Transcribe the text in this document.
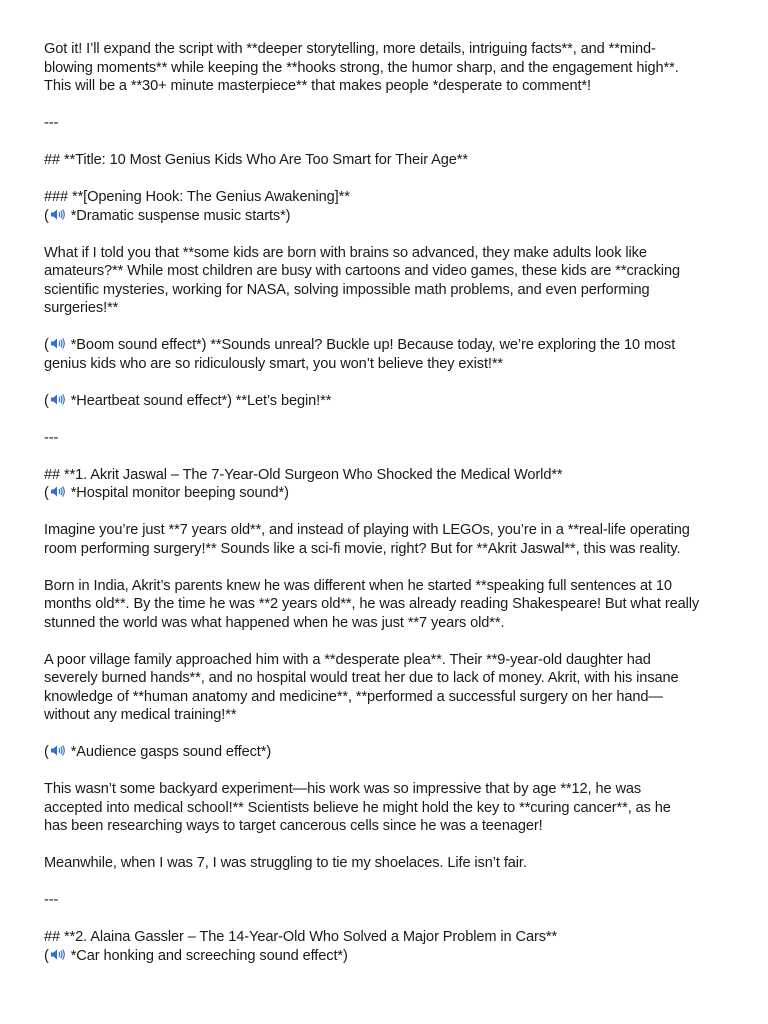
Got it! I’ll expand the script with **deeper storytelling, more details, intriguing facts**, and **mind-
blowing moments** while keeping the **hooks strong, the humor sharp, and the engagement high**.
This will be a **30+ minute masterpiece** that makes people *desperate to comment*!
---
## **Title: 10 Most Genius Kids Who Are Too Smart for Their Age**
### **[Opening Hook: The Genius Awakening]**
(
*Dramatic suspense music starts*)
What if I told you that **some kids are born with brains so advanced, they make adults look like
amateurs?** While most children are busy with cartoons and video games, these kids are **cracking
scientific mysteries, working for NASA, solving impossible math problems, and even performing
surgeries!**
(
*Boom sound effect*) **Sounds unreal? Buckle up! Because today, we’re exploring the 10 most
genius kids who are so ridiculously smart, you won’t believe they exist!**
(
*Heartbeat sound effect*) **Let’s begin!**
---
## **1. Akrit Jaswal – The 7-Year-Old Surgeon Who Shocked the Medical World**
(
*Hospital monitor beeping sound*)
Imagine you’re just **7 years old**, and instead of playing with LEGOs, you’re in a **real-life operating
room performing surgery!** Sounds like a sci-fi movie, right? But for **Akrit Jaswal**, this was reality.
Born in India, Akrit’s parents knew he was different when he started **speaking full sentences at 10
months old**. By the time he was **2 years old**, he was already reading Shakespeare! But what really
stunned the world was what happened when he was just **7 years old**.
A poor village family approached him with a **desperate plea**. Their **9-year-old daughter had
severely burned hands**, and no hospital would treat her due to lack of money. Akrit, with his insane
knowledge of **human anatomy and medicine**, **performed a successful surgery on her hand—
without any medical training!**
(
*Audience gasps sound effect*)
This wasn’t some backyard experiment—his work was so impressive that by age **12, he was
accepted into medical school!** Scientists believe he might hold the key to **curing cancer**, as he
has been researching ways to target cancerous cells since he was a teenager!
Meanwhile, when I was 7, I was struggling to tie my shoelaces. Life isn’t fair.
---
## **2. Alaina Gassler – The 14-Year-Old Who Solved a Major Problem in Cars**
(
*Car honking and screeching sound effect*)
